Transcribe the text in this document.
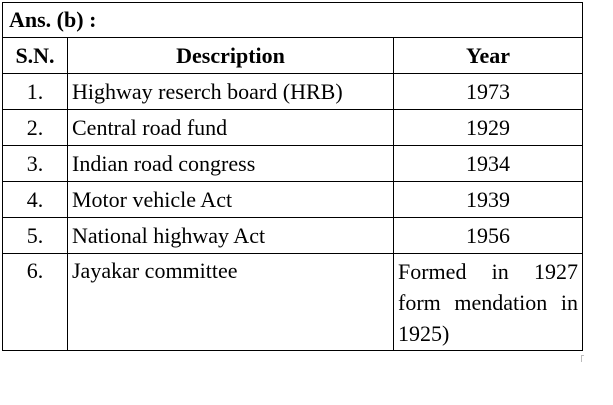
Ans. (b) :		
S.N.	Description	Year
1.	Highway reserch board (HRB)	1973
2.	Central road fund	1929
3.	Indian road congress	1934
4.	Motor vehicle Act	1939
5.	National highway Act	1956
6.	Jayakar committee	Formed in 1927 form mendation in 1925)
